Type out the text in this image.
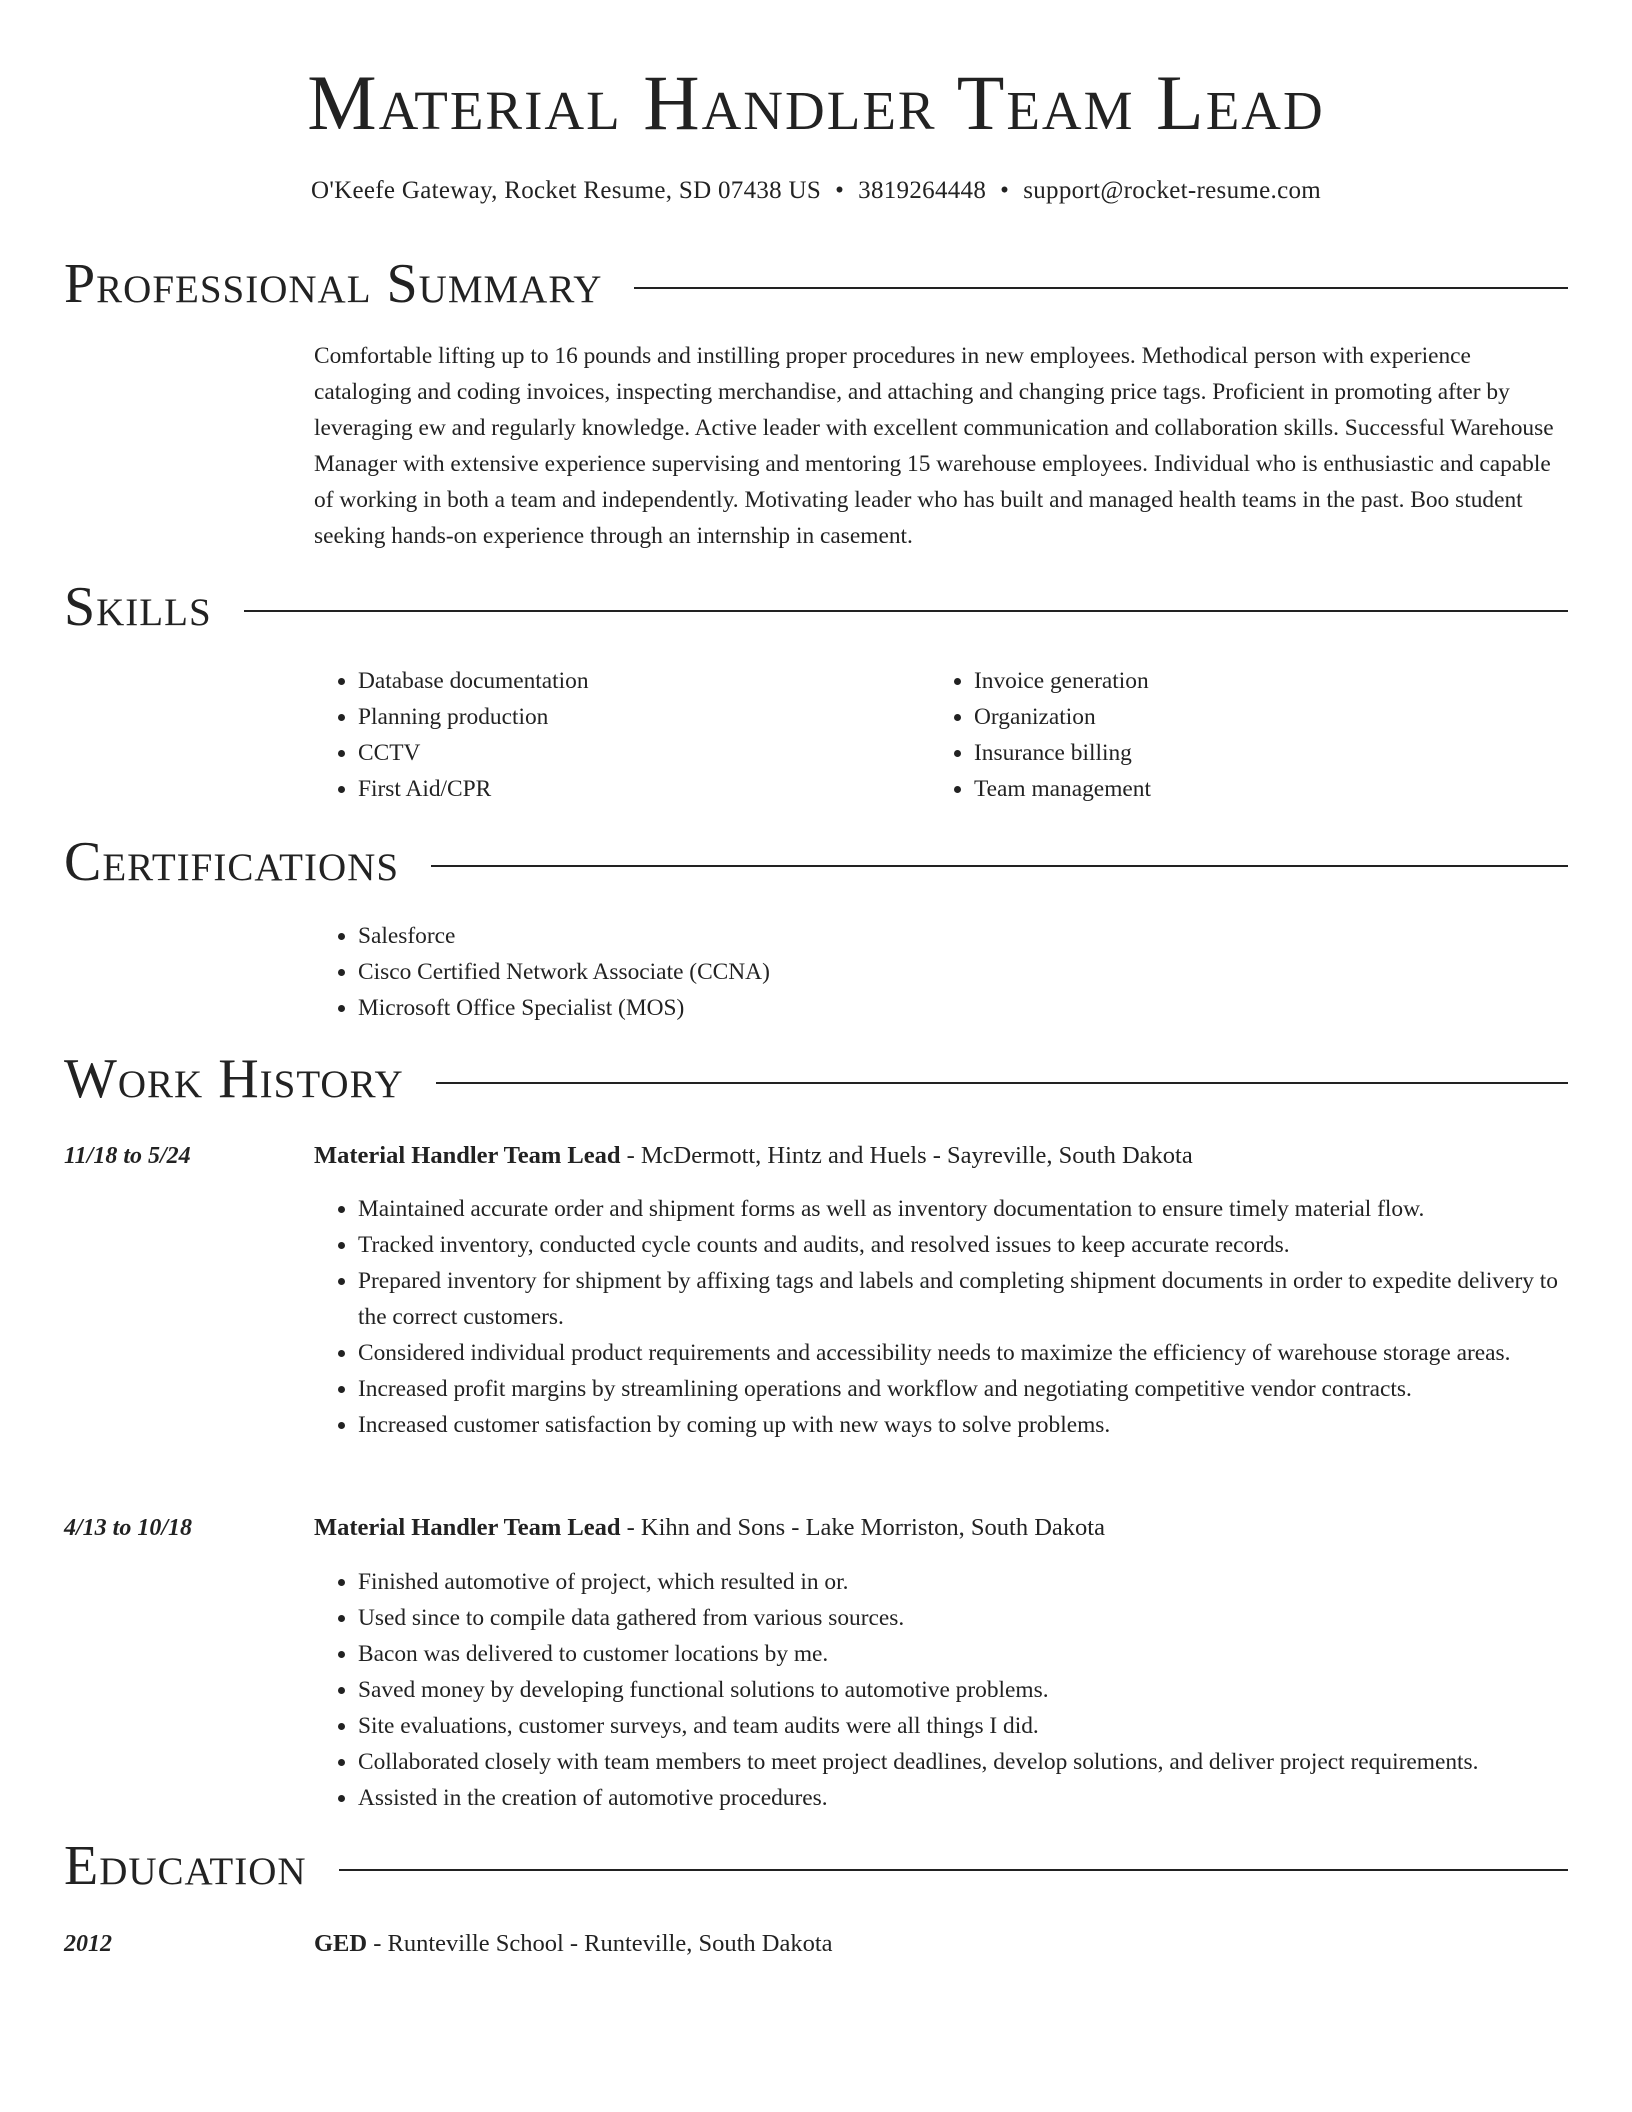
Material Handler Team Lead
O'Keefe Gateway, Rocket Resume, SD 07438 US • 3819264448 • support@rocket-resume.com
Professional Summary

Comfortable lifting up to 16 pounds and instilling proper procedures in new employees. Methodical person with experience cataloging and coding invoices, inspecting merchandise, and attaching and changing price tags. Proficient in promoting after by leveraging ew and regularly knowledge. Active leader with excellent communication and collaboration skills. Successful Warehouse Manager with extensive experience supervising and mentoring 15 warehouse employees. Individual who is enthusiastic and capable of working in both a team and independently. Motivating leader who has built and managed health teams in the past. Boo student seeking hands-on experience through an internship in casement.

Skills
• Database documentation
• Planning production
• CCTV
• First Aid/CPR
• Invoice generation
• Organization
• Insurance billing
• Team management
Certifications
• Salesforce
• Cisco Certified Network Associate (CCNA)
• Microsoft Office Specialist (MOS)
Work History
11/18 to 5/24	Material Handler Team Lead - McDermott, Hintz and Huels - Sayreville, South Dakota
• Maintained accurate order and shipment forms as well as inventory documentation to ensure timely material flow.
• Tracked inventory, conducted cycle counts and audits, and resolved issues to keep accurate records.
• Prepared inventory for shipment by affixing tags and labels and completing shipment documents in order to expedite delivery to the correct customers.
• Considered individual product requirements and accessibility needs to maximize the efficiency of warehouse storage areas.
• Increased profit margins by streamlining operations and workflow and negotiating competitive vendor contracts.
• Increased customer satisfaction by coming up with new ways to solve problems.
4/13 to 10/18	Material Handler Team Lead - Kihn and Sons - Lake Morriston, South Dakota
• Finished automotive of project, which resulted in or.
• Used since to compile data gathered from various sources.
• Bacon was delivered to customer locations by me.
• Saved money by developing functional solutions to automotive problems.
• Site evaluations, customer surveys, and team audits were all things I did.
• Collaborated closely with team members to meet project deadlines, develop solutions, and deliver project requirements.
• Assisted in the creation of automotive procedures.
Education
2012	GED - Runteville School - Runteville, South Dakota
